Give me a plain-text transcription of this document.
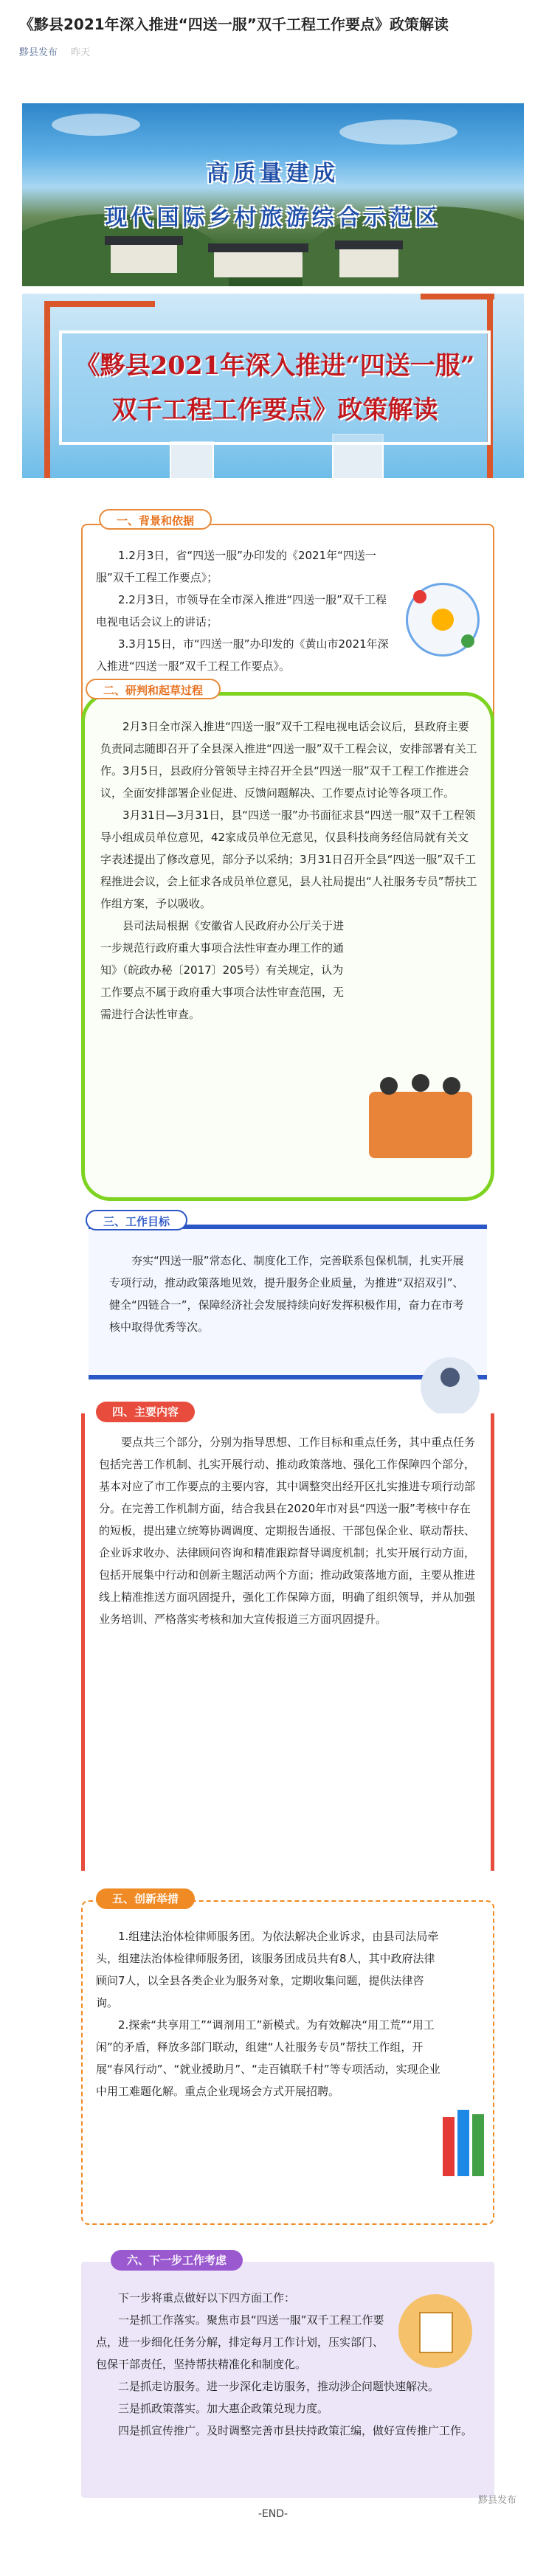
《黟县2021年深入推进“四送一服”双千工程工作要点》政策解读
黟县发布 昨天
高质量建成
现代国际乡村旅游综合示范区
《黟县2021年深入推进“四送一服”
双千工程工作要点》政策解读
一、背景和依据

1.2月3日，省“四送一服”办印发的《2021年“四送一服”双千工程工作要点》；

2.2月3日，市领导在全市深入推进“四送一服”双千工程电视电话会议上的讲话；

3.3月15日，市“四送一服”办印发的《黄山市2021年深入推进“四送一服”双千工程工作要点》。

二、研判和起草过程

2月3日全市深入推进“四送一服”双千工程电视电话会议后，县政府主要负责同志随即召开了全县深入推进“四送一服”双千工程会议，安排部署有关工作。3月5日，县政府分管领导主持召开全县“四送一服”双千工程工作推进会议，全面安排部署企业促进、反馈问题解决、工作要点讨论等各项工作。

3月31日—3月31日，县“四送一服”办书面征求县“四送一服”双千工程领导小组成员单位意见，42家成员单位无意见，仅县科技商务经信局就有关文字表述提出了修改意见，部分予以采纳；3月31日召开全县“四送一服”双千工程推进会议，会上征求各成员单位意见，县人社局提出“人社服务专员”帮扶工作组方案，予以吸收。

县司法局根据《安徽省人民政府办公厅关于进一步规范行政府重大事项合法性审查办理工作的通知》（皖政办秘〔2017〕205号）有关规定，认为工作要点不属于政府重大事项合法性审查范围，无需进行合法性审查。

三、工作目标

夯实“四送一服”常态化、制度化工作，完善联系包保机制，扎实开展专项行动，推动政策落地见效，提升服务企业质量，为推进“双招双引”、健全“四链合一”，保障经济社会发展持续向好发挥积极作用，奋力在市考核中取得优秀等次。

四、主要内容

要点共三个部分，分别为指导思想、工作目标和重点任务，其中重点任务包括完善工作机制、扎实开展行动、推动政策落地、强化工作保障四个部分，基本对应了市工作要点的主要内容，其中调整突出经开区扎实推进专项行动部分。在完善工作机制方面，结合我县在2020年市对县“四送一服”考核中存在的短板，提出建立统筹协调调度、定期报告通报、干部包保企业、联动帮扶、企业诉求收办、法律顾问咨询和精准跟踪督导调度机制；扎实开展行动方面，包括开展集中行动和创新主题活动两个方面；推动政策落地方面，主要从推进线上精准推送方面巩固提升，强化工作保障方面，明确了组织领导，并从加强业务培训、严格落实考核和加大宣传报道三方面巩固提升。

五、创新举措

1.组建法治体检律师服务团。为依法解决企业诉求，由县司法局牵头，组建法治体检律师服务团，该服务团成员共有8人，其中政府法律顾问7人，以全县各类企业为服务对象，定期收集问题，提供法律咨询。

2.探索“共享用工”“调剂用工”新模式。为有效解决“用工荒”“用工闲”的矛盾，释放多部门联动，组建“人社服务专员”帮扶工作组，开展“春风行动”、“就业援助月”、“走百镇联千村”等专项活动，实现企业中用工难题化解。重点企业现场会方式开展招聘。

六、下一步工作考虑

下一步将重点做好以下四方面工作：

一是抓工作落实。聚焦市县“四送一服”双千工程工作要点，进一步细化任务分解，排定每月工作计划，压实部门、包保干部责任，坚持帮扶精准化和制度化。

二是抓走访服务。进一步深化走访服务，推动涉企问题快速解决。

三是抓政策落实。加大惠企政策兑现力度。

四是抓宣传推广。及时调整完善市县扶持政策汇编，做好宣传推广工作。

-END-
黟县发布
